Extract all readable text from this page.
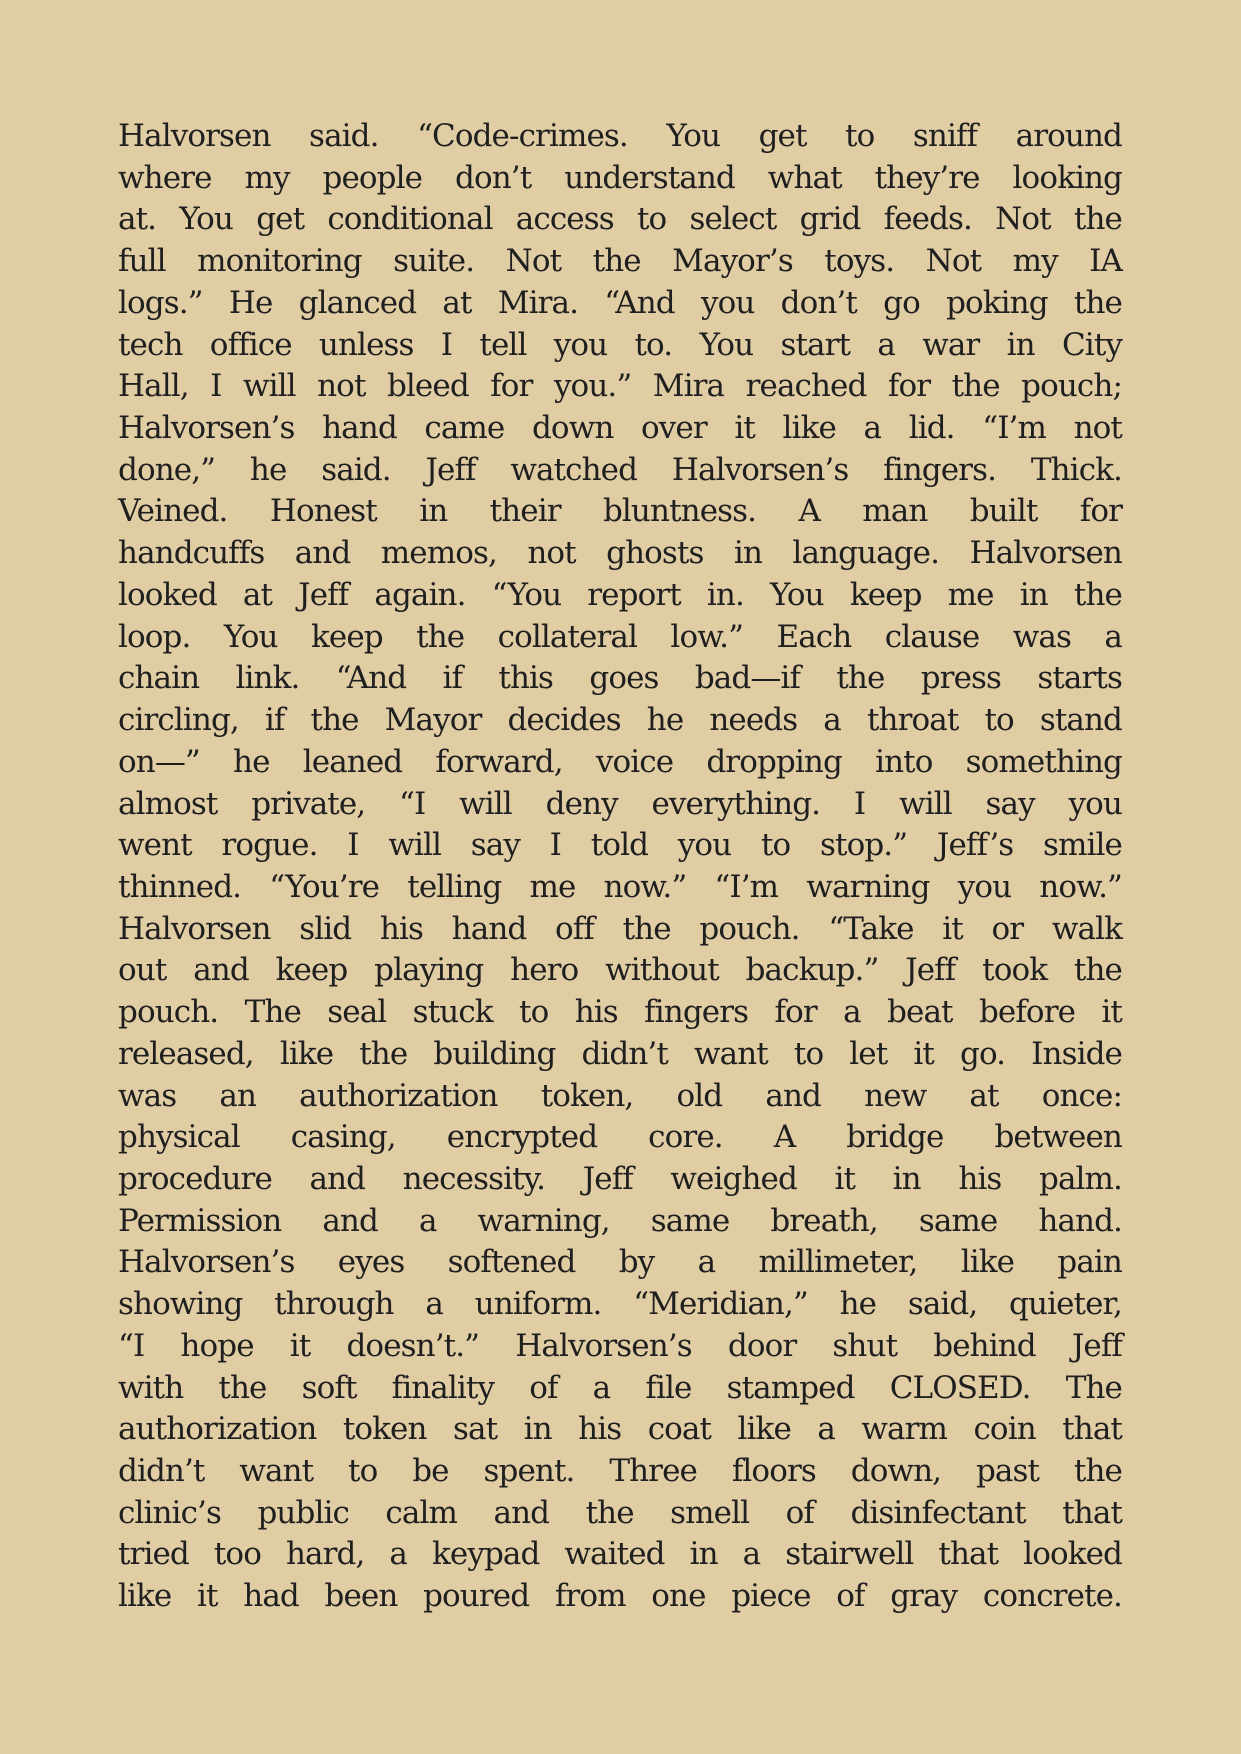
Halvorsen said. “Code-crimes. You get to sniff around
where my people don’t understand what they’re looking
at. You get conditional access to select grid feeds. Not the
full monitoring suite. Not the Mayor’s toys. Not my IA
logs.” He glanced at Mira. “And you don’t go poking the
tech office unless I tell you to. You start a war in City
Hall, I will not bleed for you.” Mira reached for the pouch;
Halvorsen’s hand came down over it like a lid. “I’m not
done,” he said. Jeff watched Halvorsen’s fingers. Thick.
Veined. Honest in their bluntness. A man built for
handcuffs and memos, not ghosts in language. Halvorsen
looked at Jeff again. “You report in. You keep me in the
loop. You keep the collateral low.” Each clause was a
chain link. “And if this goes bad—if the press starts
circling, if the Mayor decides he needs a throat to stand
on—” he leaned forward, voice dropping into something
almost private, “I will deny everything. I will say you
went rogue. I will say I told you to stop.” Jeff’s smile
thinned. “You’re telling me now.” “I’m warning you now.”
Halvorsen slid his hand off the pouch. “Take it or walk
out and keep playing hero without backup.” Jeff took the
pouch. The seal stuck to his fingers for a beat before it
released, like the building didn’t want to let it go. Inside
was an authorization token, old and new at once:
physical casing, encrypted core. A bridge between
procedure and necessity. Jeff weighed it in his palm.
Permission and a warning, same breath, same hand.
Halvorsen’s eyes softened by a millimeter, like pain
showing through a uniform. “Meridian,” he said, quieter,
“I hope it doesn’t.” Halvorsen’s door shut behind Jeff
with the soft finality of a file stamped CLOSED. The
authorization token sat in his coat like a warm coin that
didn’t want to be spent. Three floors down, past the
clinic’s public calm and the smell of disinfectant that
tried too hard, a keypad waited in a stairwell that looked
like it had been poured from one piece of gray concrete.
